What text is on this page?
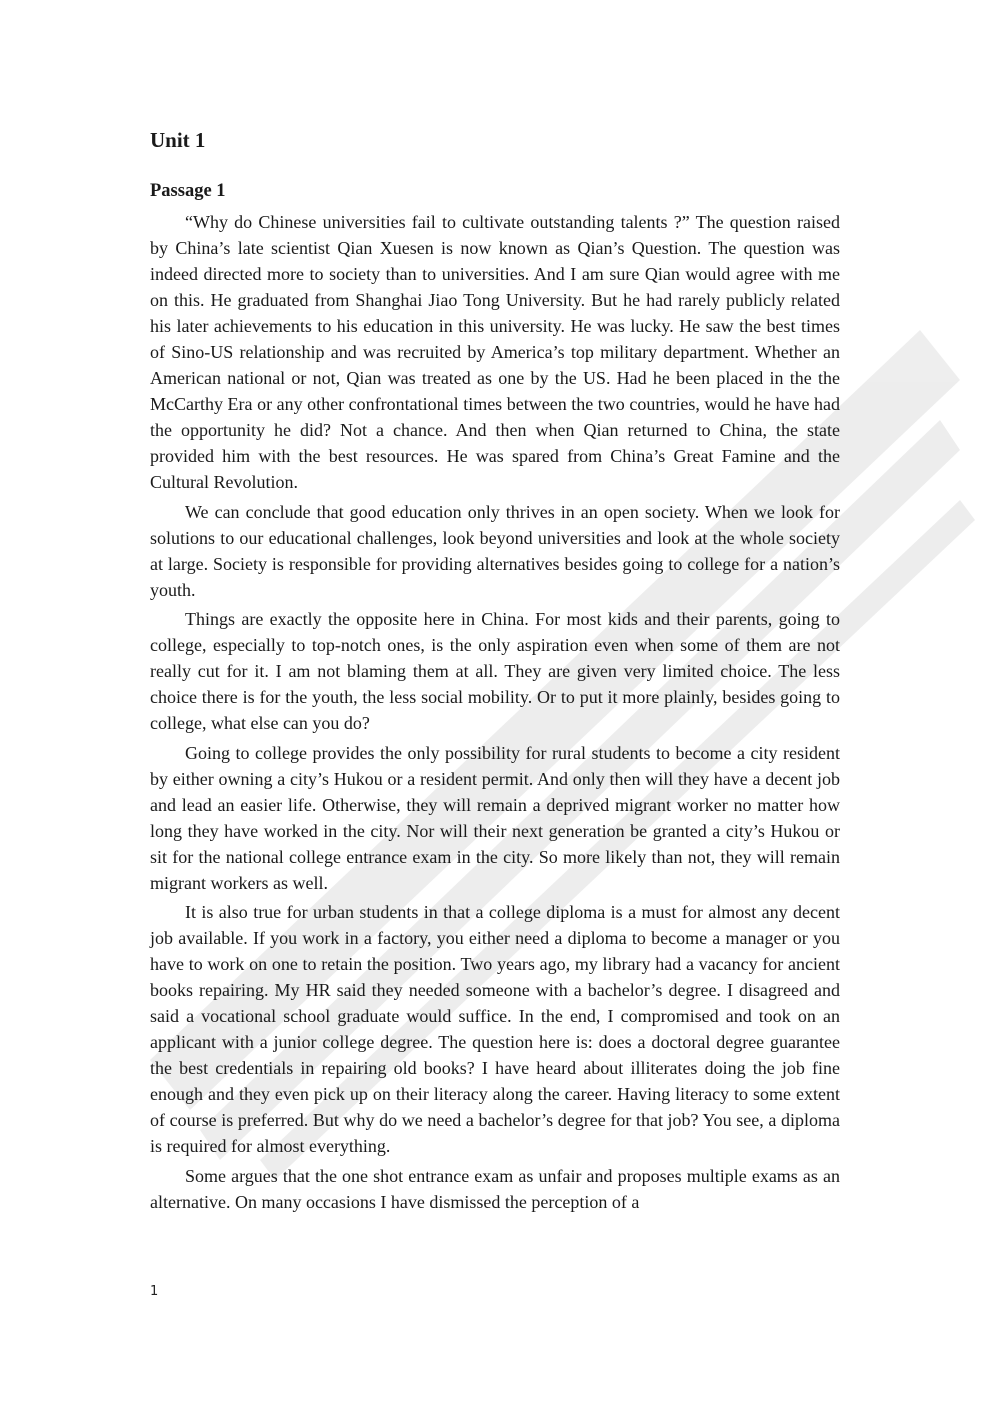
Unit 1
Passage 1

“Why do Chinese universities fail to cultivate outstanding talents ?” The question raised by China’s late scientist Qian Xuesen is now known as Qian’s Question. The question was indeed directed more to society than to universities. And I am sure Qian would agree with me on this. He graduated from Shanghai Jiao Tong University. But he had rarely publicly related his later achievements to his education in this university. He was lucky. He saw the best times of Sino-US relationship and was recruited by America’s top military department. Whether an American national or not, Qian was treated as one by the US. Had he been placed in the the McCarthy Era or any other confrontational times between the two countries, would he have had the opportunity he did? Not a chance. And then when Qian returned to China, the state provided him with the best resources. He was spared from China’s Great Famine and the Cultural Revolution.

We can conclude that good education only thrives in an open society. When we look for solutions to our educational challenges, look beyond universities and look at the whole society at large. Society is responsible for providing alternatives besides going to college for a nation’s youth.

Things are exactly the opposite here in China. For most kids and their parents, going to college, especially to top-notch ones, is the only aspiration even when some of them are not really cut for it. I am not blaming them at all. They are given very limited choice. The less choice there is for the youth, the less social mobility. Or to put it more plainly, besides going to college, what else can you do?

Going to college provides the only possibility for rural students to become a city resident by either owning a city’s Hukou or a resident permit. And only then will they have a decent job and lead an easier life. Otherwise, they will remain a deprived migrant worker no matter how long they have worked in the city. Nor will their next generation be granted a city’s Hukou or sit for the national college entrance exam in the city. So more likely than not, they will remain migrant workers as well.

It is also true for urban students in that a college diploma is a must for almost any decent job available. If you work in a factory, you either need a diploma to become a manager or you have to work on one to retain the position. Two years ago, my library had a vacancy for ancient books repairing. My HR said they needed someone with a bachelor’s degree. I disagreed and said a vocational school graduate would suffice. In the end, I compromised and took on an applicant with a junior college degree. The question here is: does a doctoral degree guarantee the best credentials in repairing old books? I have heard about illiterates doing the job fine enough and they even pick up on their literacy along the career. Having literacy to some extent of course is preferred. But why do we need a bachelor’s degree for that job? You see, a diploma is required for almost everything.

Some argues that the one shot entrance exam as unfair and proposes multiple exams as an alternative. On many occasions I have dismissed the perception of a

1
